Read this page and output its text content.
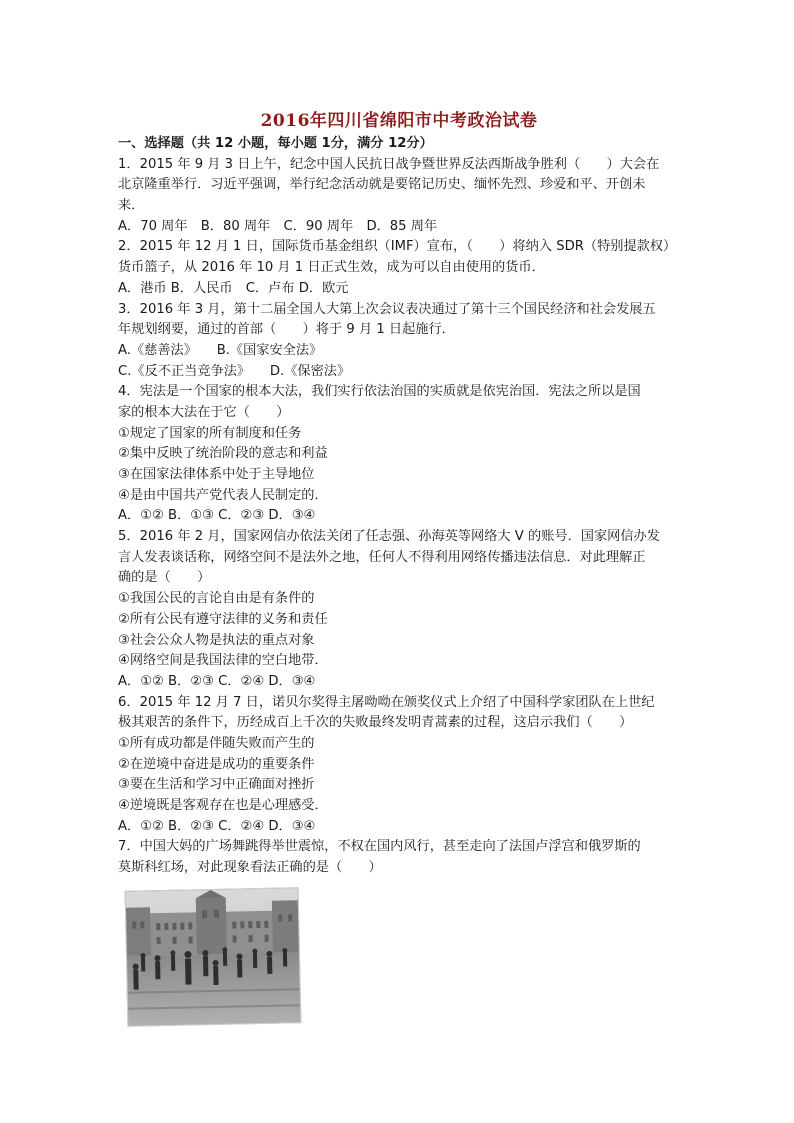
2016年四川省绵阳市中考政治试卷
一、选择题（共 12 小题，每小题 1分，满分 12分）
1．2015 年 9 月 3 日上午，纪念中国人民抗日战争暨世界反法西斯战争胜利（　　）大会在
北京隆重举行．习近平强调，举行纪念活动就是要铭记历史、缅怀先烈、珍爱和平、开创未
来．
A．70 周年　B．80 周年　C．90 周年　D．85 周年
2．2015 年 12 月 1 日，国际货币基金组织（IMF）宣布，（　　）将纳入 SDR（特别提款权）
货币篮子，从 2016 年 10 月 1 日正式生效，成为可以自由使用的货币．
A．港币 B．人民币　C．卢布 D．欧元
3．2016 年 3 月，第十二届全国人大第上次会议表决通过了第十三个国民经济和社会发展五
年规划纲要，通过的首部（　　）将于 9 月 1 日起施行．
A.《慈善法》　　B.《国家安全法》
C.《反不正当竞争法》　　D.《保密法》
4．宪法是一个国家的根本大法，我们实行依法治国的实质就是依宪治国．宪法之所以是国
家的根本大法在于它（　　）
①规定了国家的所有制度和任务
②集中反映了统治阶段的意志和利益
③在国家法律体系中处于主导地位
④是由中国共产党代表人民制定的．
A．①② B．①③ C．②③ D．③④
5．2016 年 2 月，国家网信办依法关闭了任志强、孙海英等网络大 V 的账号．国家网信办发
言人发表谈话称，网络空间不是法外之地，任何人不得利用网络传播违法信息．对此理解正
确的是（　　）
①我国公民的言论自由是有条件的
②所有公民有遵守法律的义务和责任
③社会公众人物是执法的重点对象
④网络空间是我国法律的空白地带．
A．①② B．②③ C．②④ D．③④
6．2015 年 12 月 7 日，诺贝尔奖得主屠呦呦在颁奖仪式上介绍了中国科学家团队在上世纪
极其艰苦的条件下，历经成百上千次的失败最终发明青蒿素的过程，这启示我们（　　）
①所有成功都是伴随失败而产生的
②在逆境中奋进是成功的重要条件
③要在生活和学习中正确面对挫折
④逆境既是客观存在也是心理感受．
A．①② B．②③ C．②④ D．③④
7．中国大妈的广场舞跳得举世震惊，不权在国内风行，甚至走向了法国卢浮宫和俄罗斯的
莫斯科红场，对此现象看法正确的是（　　）
